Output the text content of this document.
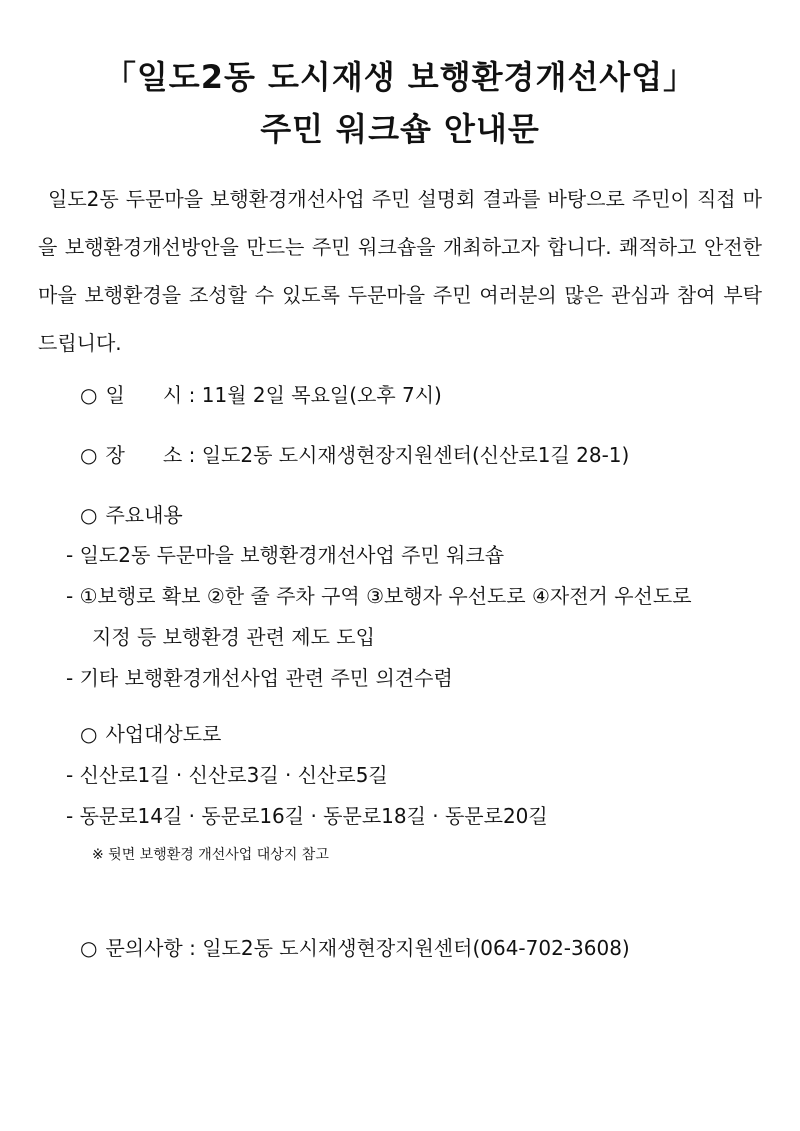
「일도2동 도시재생 보행환경개선사업」
주민 워크숍 안내문

일도2동 두문마을 보행환경개선사업 주민 설명회 결과를 바탕으로 주민이 직접 마을 보행환경개선방안을 만드는 주민 워크숍을 개최하고자 합니다. 쾌적하고 안전한 마을 보행환경을 조성할 수 있도록 두문마을 주민 여러분의 많은 관심과 참여 부탁드립니다.

○ 일      시 : 11월 2일 목요일(오후 7시)
○ 장      소 : 일도2동 도시재생현장지원센터(신산로1길 28-1)
○ 주요내용
- 일도2동 두문마을 보행환경개선사업 주민 워크숍
- ①보행로 확보 ②한 줄 주차 구역 ③보행자 우선도로 ④자전거 우선도로
지정 등 보행환경 관련 제도 도입
- 기타 보행환경개선사업 관련 주민 의견수렴
○ 사업대상도로
- 신산로1길 · 신산로3길 · 신산로5길
- 동문로14길 · 동문로16길 · 동문로18길 · 동문로20길
※ 뒷면 보행환경 개선사업 대상지 참고
○ 문의사항 : 일도2동 도시재생현장지원센터(064-702-3608)
